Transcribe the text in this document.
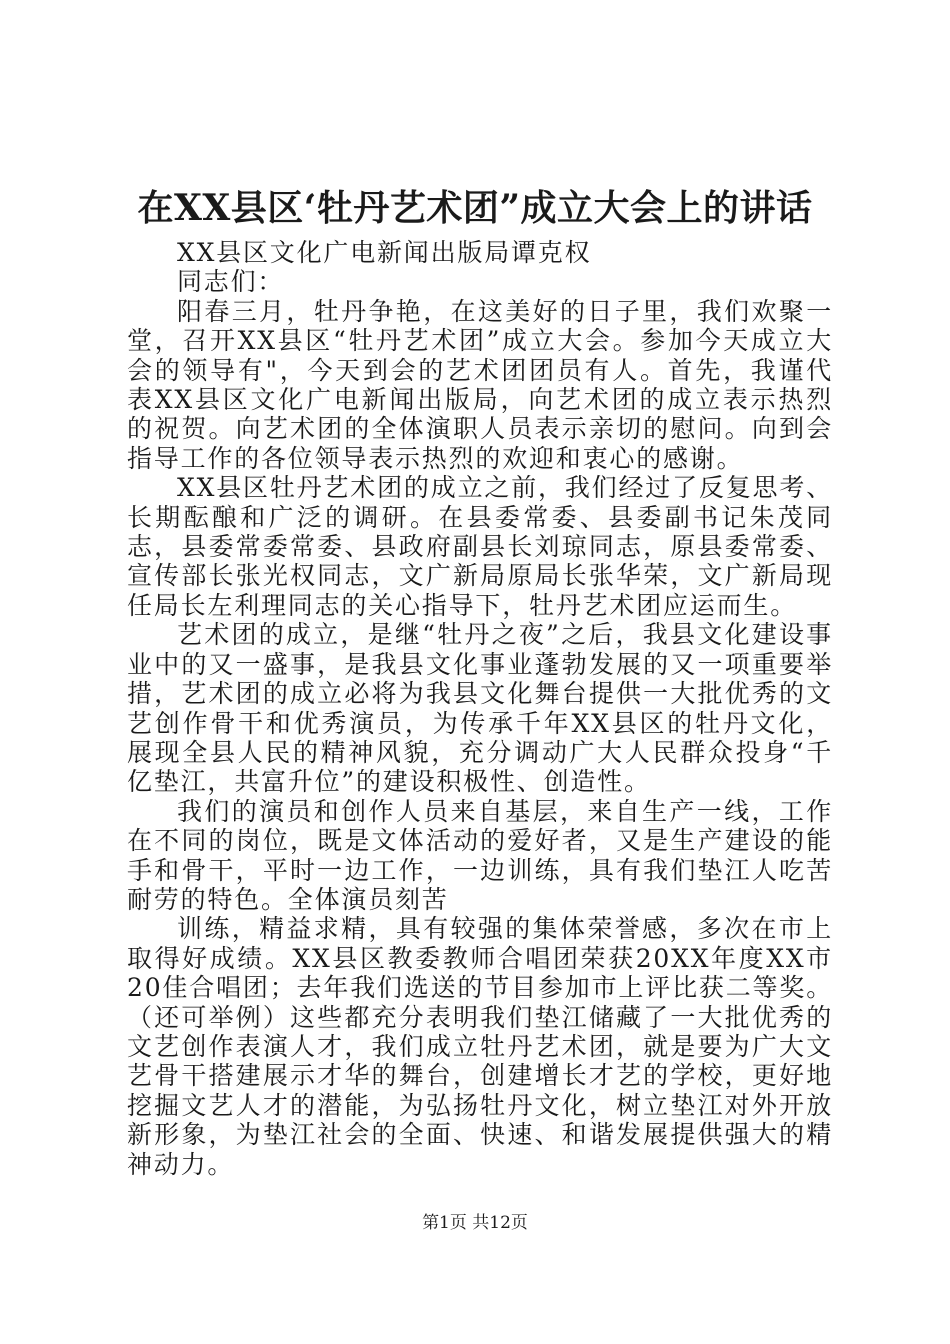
在XX县区‘牡丹艺术团”成立大会上的讲话

XX县区文化广电新闻出版局谭克权

同志们：

阳春三月，牡丹争艳，在这美好的日子里，我们欢聚一堂，召开XX县区“牡丹艺术团”成立大会。参加今天成立大会的领导有"，今天到会的艺术团团员有人。首先，我谨代表XX县区文化广电新闻出版局，向艺术团的成立表示热烈的祝贺。向艺术团的全体演职人员表示亲切的慰问。向到会指导工作的各位领导表示热烈的欢迎和衷心的感谢。

XX县区牡丹艺术团的成立之前，我们经过了反复思考、长期酝酿和广泛的调研。在县委常委、县委副书记朱茂同志，县委常委常委、县政府副县长刘琼同志，原县委常委、宣传部长张光权同志，文广新局原局长张华荣，文广新局现任局长左利理同志的关心指导下，牡丹艺术团应运而生。

艺术团的成立，是继“牡丹之夜”之后，我县文化建设事业中的又一盛事，是我县文化事业蓬勃发展的又一项重要举措，艺术团的成立必将为我县文化舞台提供一大批优秀的文艺创作骨干和优秀演员，为传承千年XX县区的牡丹文化，展现全县人民的精神风貌，充分调动广大人民群众投身“千亿垫江，共富升位”的建设积极性、创造性。

我们的演员和创作人员来自基层，来自生产一线，工作在不同的岗位，既是文体活动的爱好者，又是生产建设的能手和骨干，平时一边工作，一边训练，具有我们垫江人吃苦耐劳的特色。全体演员刻苦

训练，精益求精，具有较强的集体荣誉感，多次在市上取得好成绩。XX县区教委教师合唱团荣获20XX年度XX市20佳合唱团；去年我们选送的节目参加市上评比获二等奖。（还可举例）这些都充分表明我们垫江储藏了一大批优秀的文艺创作表演人才，我们成立牡丹艺术团，就是要为广大文艺骨干搭建展示才华的舞台，创建增长才艺的学校，更好地挖掘文艺人才的潜能，为弘扬牡丹文化，树立垫江对外开放新形象，为垫江社会的全面、快速、和谐发展提供强大的精神动力。

第1页 共12页
